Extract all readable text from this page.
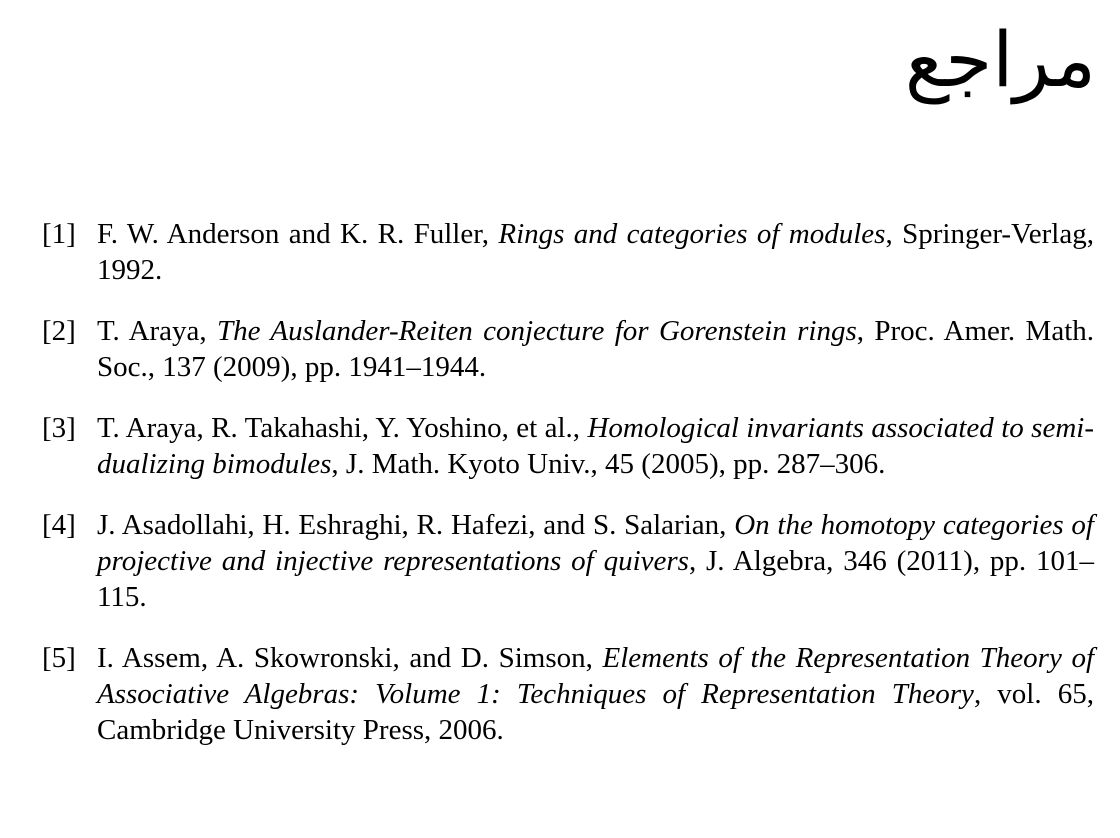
مراجع
[1] F. W. Anderson and K. R. Fuller, Rings and categories of modules, Springer-Verlag, 1992.
[2] T. Araya, The Auslander-Reiten conjecture for Gorenstein rings, Proc. Amer. Math. Soc., 137 (2009), pp. 1941–1944.
[3] T. Araya, R. Takahashi, Y. Yoshino, et al., Homological invariants associated to semi-dualizing bimodules, J. Math. Kyoto Univ., 45 (2005), pp. 287–306.
[4] J. Asadollahi, H. Eshraghi, R. Hafezi, and S. Salarian, On the homotopy categories of projective and injective representations of quivers, J. Algebra, 346 (2011), pp. 101–115.
[5] I. Assem, A. Skowronski, and D. Simson, Elements of the Representation Theory of Associative Algebras: Volume 1: Techniques of Representation Theory, vol. 65, Cambridge University Press, 2006.
